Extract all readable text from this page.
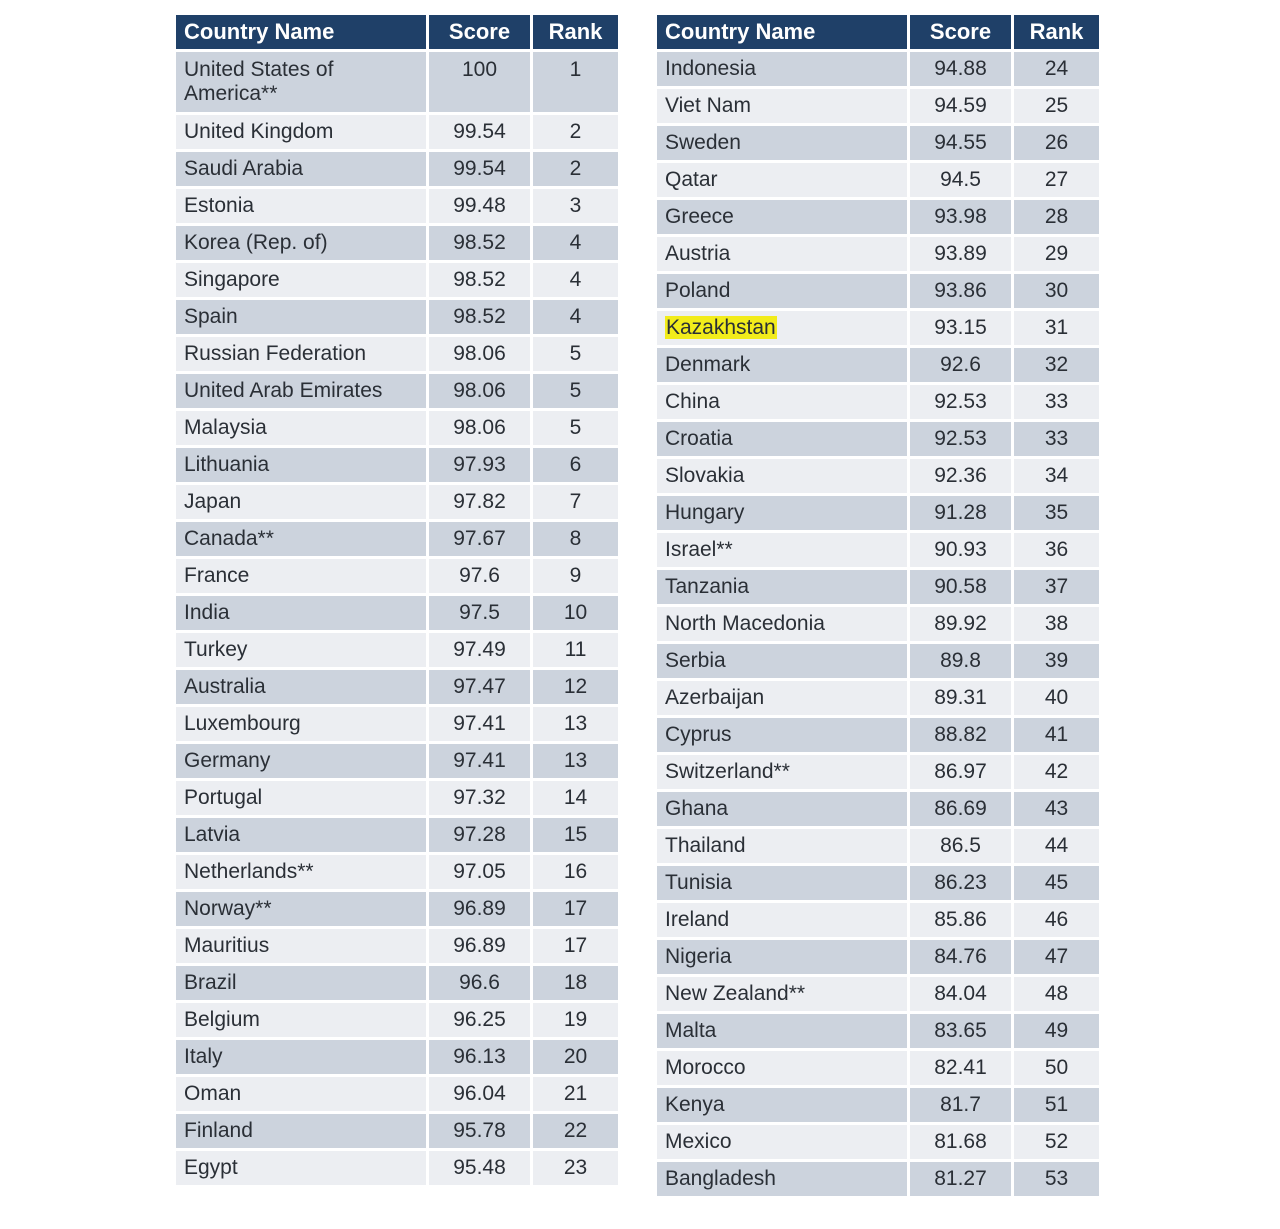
Country Name	Score	Rank
United States of America**	100	1
United Kingdom	99.54	2
Saudi Arabia	99.54	2
Estonia	99.48	3
Korea (Rep. of)	98.52	4
Singapore	98.52	4
Spain	98.52	4
Russian Federation	98.06	5
United Arab Emirates	98.06	5
Malaysia	98.06	5
Lithuania	97.93	6
Japan	97.82	7
Canada**	97.67	8
France	97.6	9
India	97.5	10
Turkey	97.49	11
Australia	97.47	12
Luxembourg	97.41	13
Germany	97.41	13
Portugal	97.32	14
Latvia	97.28	15
Netherlands**	97.05	16
Norway**	96.89	17
Mauritius	96.89	17
Brazil	96.6	18
Belgium	96.25	19
Italy	96.13	20
Oman	96.04	21
Finland	95.78	22
Egypt	95.48	23
Country Name	Score	Rank
Indonesia	94.88	24
Viet Nam	94.59	25
Sweden	94.55	26
Qatar	94.5	27
Greece	93.98	28
Austria	93.89	29
Poland	93.86	30
Kazakhstan	93.15	31
Denmark	92.6	32
China	92.53	33
Croatia	92.53	33
Slovakia	92.36	34
Hungary	91.28	35
Israel**	90.93	36
Tanzania	90.58	37
North Macedonia	89.92	38
Serbia	89.8	39
Azerbaijan	89.31	40
Cyprus	88.82	41
Switzerland**	86.97	42
Ghana	86.69	43
Thailand	86.5	44
Tunisia	86.23	45
Ireland	85.86	46
Nigeria	84.76	47
New Zealand**	84.04	48
Malta	83.65	49
Morocco	82.41	50
Kenya	81.7	51
Mexico	81.68	52
Bangladesh	81.27	53
